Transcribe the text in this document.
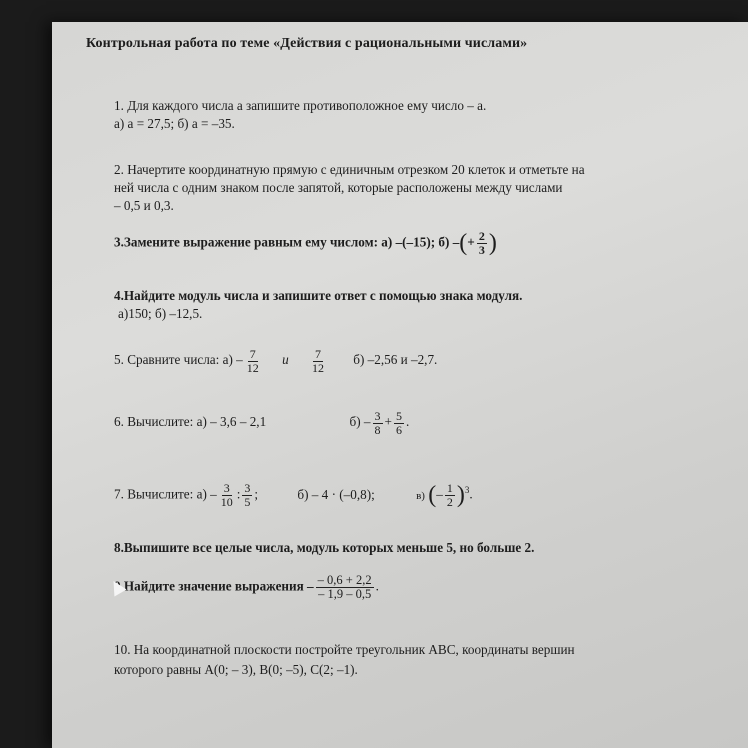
Контрольная работа по теме «Действия с рациональными числами»
1. Для каждого числа a запишите противоположное ему число – a.
а) a = 27,5; б) a = –35.
2. Начертите координатную прямую с единичным отрезком 20 клеток и отметьте на
ней числа с одним знаком после запятой, которые расположены между числами
– 0,5 и 0,3.
3.Замените выражение равным ему числом: а) –(–15); б) –(+ $\frac{2}{3}$ )
4.Найдите модуль числа и запишите ответ с помощью знака модуля.
а)150; б) –12,5.
5. Сравните числа: $а) - \frac{7}{12}$ и $\frac{7}{12} б$) –2,56 и –2,7.
6. Вычислите: а) – 3,6 – 2,1	$б) - \frac{3}{8} + \frac{5}{6}$ .
7. Вычислите: $а) - \frac{3}{10}$ : $\frac{3}{5}$ ;	б) – 4 · (–0,8);	в) (– $\frac{1}{2} )^3$.
8.Выпишите все целые числа, модуль которых меньше 5, но больше 2.
9.Найдите значение выражения – $\frac{- 0,6 + 2,2}{- 1,9 - 0,5}$ .
10. На координатной плоскости постройте треугольник АВС, координаты вершин
которого равны А(0; – 3), В(0; –5), С(2; –1).
